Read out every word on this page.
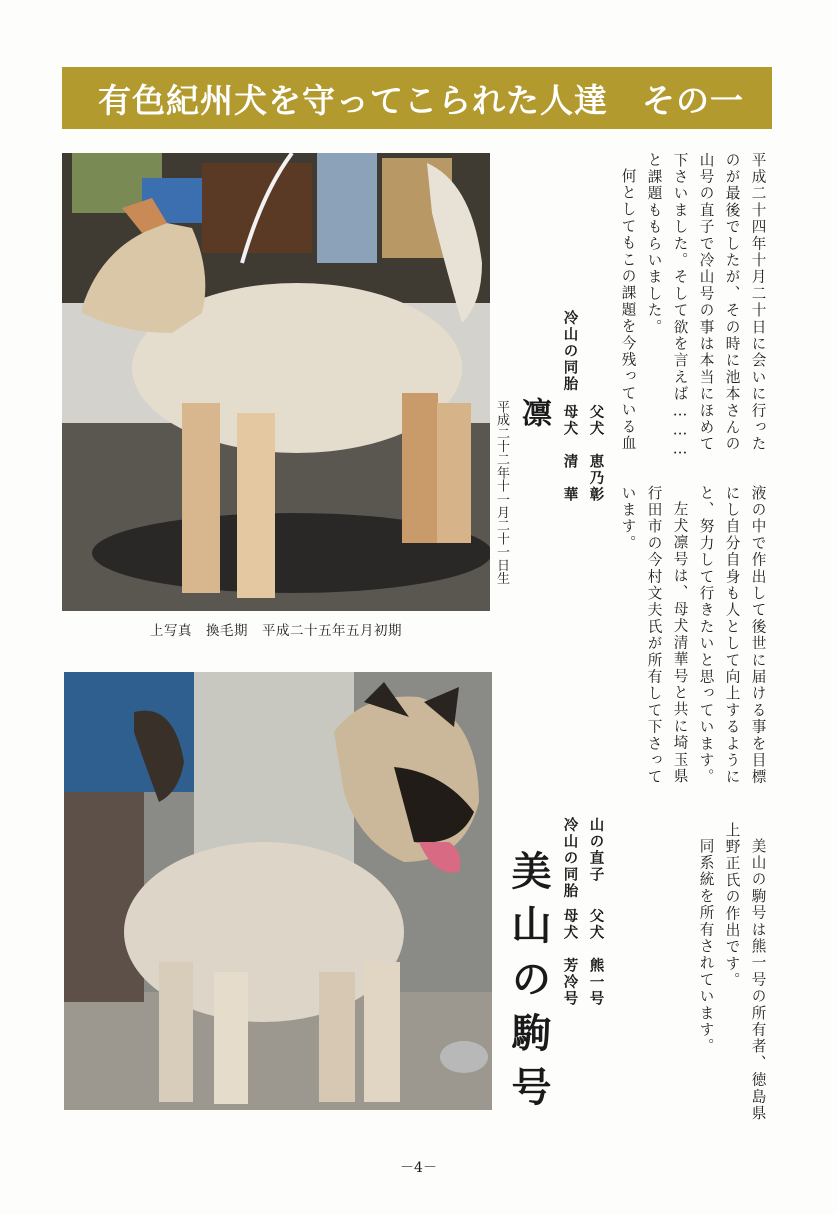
有色紀州犬を守ってこられた人達　その一
上写真　換毛期　平成二十五年五月初期
平成二十四年十月二十日に会いに行った
のが最後でしたが、その時に池本さんの
山号の直子で冷山号の事は本当にほめて
下さいました。そして欲を言えば………
と課題ももらいました。
何としてもこの課題を今残っている血
液の中で作出して後世に届ける事を目標
にし自分自身も人として向上するように
と、努力して行きたいと思っています。
左犬凛号は、母犬清華号と共に埼玉県
行田市の今村文夫氏が所有して下さって
います。
美山の駒号は熊一号の所有者、徳島県
上野正氏の作出です。
同系統を所有されています。
父犬　恵乃彰
母犬　清　華
冷山の同胎
凛
平成二十二年十一月二十一日生
山の直子
父犬　熊一号
冷山の同胎
母犬　芳冷号
美山の駒号
－4－
